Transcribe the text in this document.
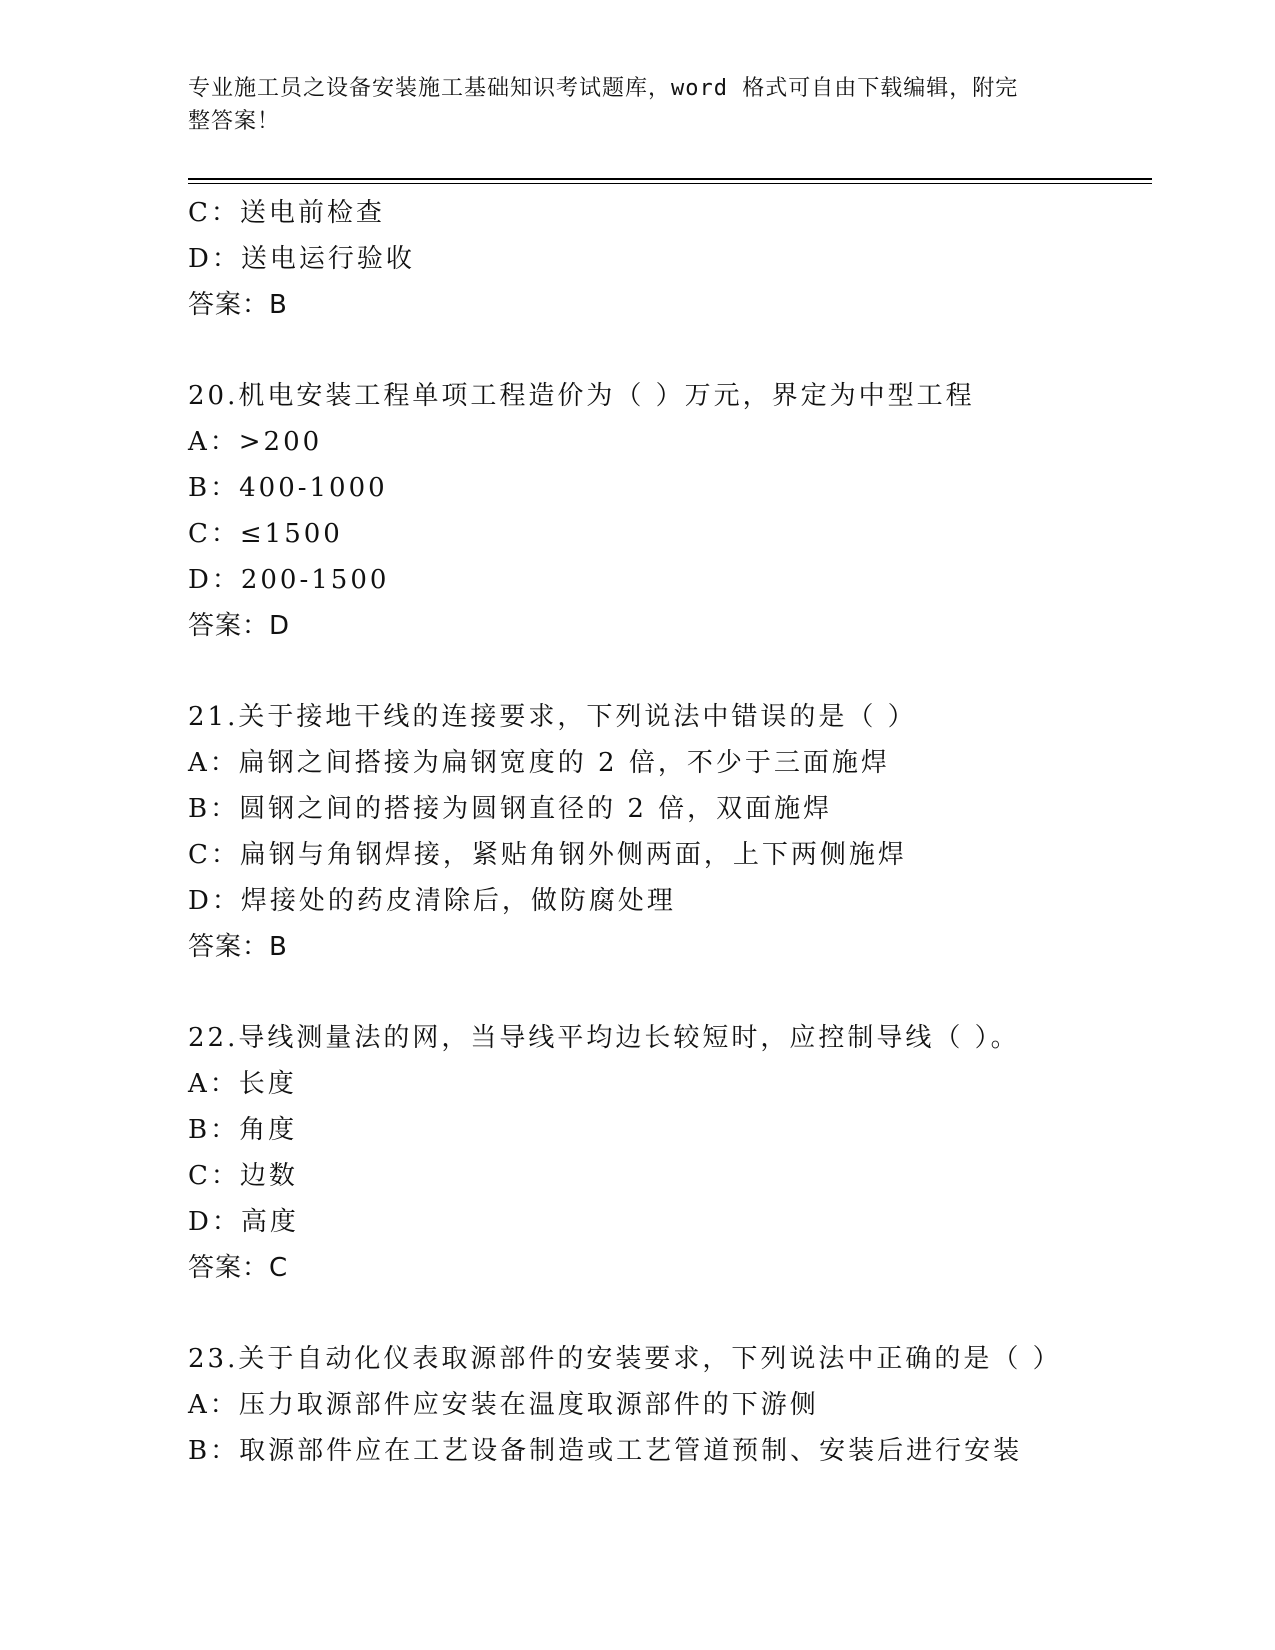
专业施工员之设备安装施工基础知识考试题库，word 格式可自由下载编辑，附完
整答案！
C：送电前检查
D：送电运行验收
答案：B
20.机电安装工程单项工程造价为（ ）万元，界定为中型工程
A：>200
B：400-1000
C：≤1500
D：200-1500
答案：D
21.关于接地干线的连接要求，下列说法中错误的是（ ）
A：扁钢之间搭接为扁钢宽度的 2 倍，不少于三面施焊
B：圆钢之间的搭接为圆钢直径的 2 倍，双面施焊
C：扁钢与角钢焊接，紧贴角钢外侧两面，上下两侧施焊
D：焊接处的药皮清除后，做防腐处理
答案：B
22.导线测量法的网，当导线平均边长较短时，应控制导线（ ）。
A：长度
B：角度
C：边数
D：高度
答案：C
23.关于自动化仪表取源部件的安装要求，下列说法中正确的是（ ）
A：压力取源部件应安装在温度取源部件的下游侧
B：取源部件应在工艺设备制造或工艺管道预制、安装后进行安装
